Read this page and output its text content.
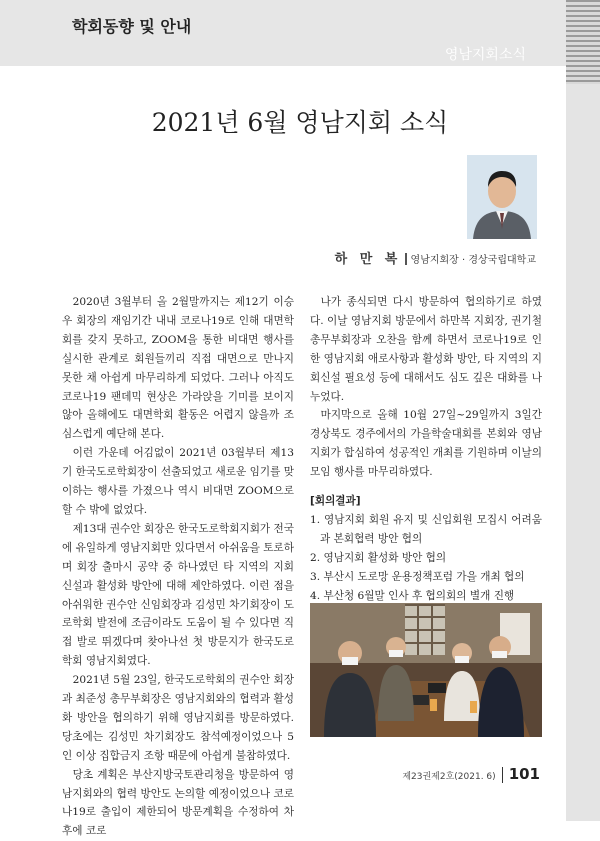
학회동향 및 안내
영남지회소식
2021년 6월 영남지회 소식
하 만 복 영남지회장 · 경상국립대학교

2020년 3월부터 올 2월말까지는 제12기 이승우 회장의 재임기간 내내 코로나19로 인해 대면학회를 갖지 못하고, ZOOM을 통한 비대면 행사를 실시한 관계로 회원들끼리 직접 대면으로 만나지 못한 채 아쉽게 마무리하게 되었다. 그러나 아직도 코로나19 팬데믹 현상은 가라앉을 기미를 보이지 않아 올해에도 대면학회 활동은 어렵지 않을까 조심스럽게 예단해 본다.

이런 가운데 어김없이 2021년 03월부터 제13기 한국도로학회장이 선출되었고 새로운 임기를 맞이하는 행사를 가졌으나 역시 비대면 ZOOM으로 할 수 밖에 없었다.

제13대 권수안 회장은 한국도로학회지회가 전국에 유일하게 영남지회만 있다면서 아쉬움을 토로하며 회장 출마시 공약 중 하나였던 타 지역의 지회 신설과 활성화 방안에 대해 제안하였다. 이런 점을 아쉬워한 권수안 신임회장과 김성민 차기회장이 도로학회 발전에 조금이라도 도움이 될 수 있다면 직접 발로 뛰겠다며 찾아나선 첫 방문지가 한국도로학회 영남지회였다.

2021년 5월 23일, 한국도로학회의 권수안 회장과 최준성 총무부회장은 영남지회와의 협력과 활성화 방안을 협의하기 위해 영남지회를 방문하였다. 당초에는 김성민 차기회장도 참석예정이었으나 5인 이상 집합금지 조항 때문에 아쉽게 불참하였다.

당초 계획은 부산지방국토관리청을 방문하여 영남지회와의 협력 방안도 논의할 예정이었으나 코로나19로 출입이 제한되어 방문계획을 수정하여 차후에 코로

나가 종식되면 다시 방문하여 협의하기로 하였다. 이날 영남지회 방문에서 하만복 지회장, 권기철 총무부회장과 오찬을 함께 하면서 코로나19로 인한 영남지회 애로사항과 활성화 방안, 타 지역의 지회신설 필요성 등에 대해서도 심도 깊은 대화를 나누었다.

마지막으로 올해 10월 27일~29일까지 3일간 경상북도 경주에서의 가을학술대회를 본회와 영남지회가 합심하여 성공적인 개최를 기원하며 이날의 모임 행사를 마무리하였다.

[회의결과]
1. 영남지회 회원 유지 및 신입회원 모집시 어려움과 본회협력 방안 협의
2. 영남지회 활성화 방안 협의
3. 부산시 도로망 운용정책포럼 가을 개최 협의
4. 부산청 6월말 인사 후 협의회의 별개 진행
제23권제2호(2021. 6) 101
